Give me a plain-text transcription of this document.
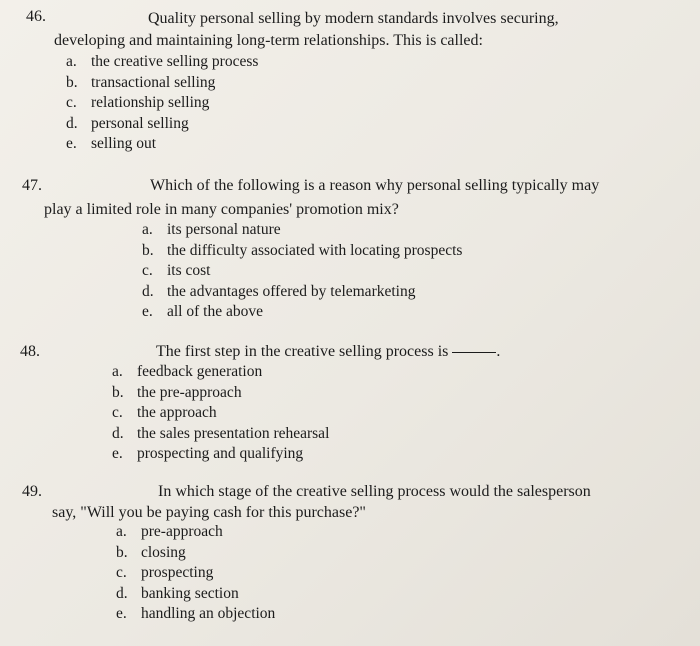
46.	Quality personal selling by modern standards involves securing,
developing and maintaining long-term relationships. This is called:
a. the creative selling process
b. transactional selling
c. relationship selling
d. personal selling
e. selling out
47.	Which of the following is a reason why personal selling typically may
play a limited role in many companies' promotion mix?
a. its personal nature
b. the difficulty associated with locating prospects
c. its cost
d. the advantages offered by telemarketing
e. all of the above
48.	The first step in the creative selling process is	.
a. feedback generation
b. the pre-approach
c. the approach
d. the sales presentation rehearsal
e. prospecting and qualifying
49.	In which stage of the creative selling process would the salesperson
say, "Will you be paying cash for this purchase?"
a. pre-approach
b. closing
c. prospecting
d. banking section
e. handling an objection
